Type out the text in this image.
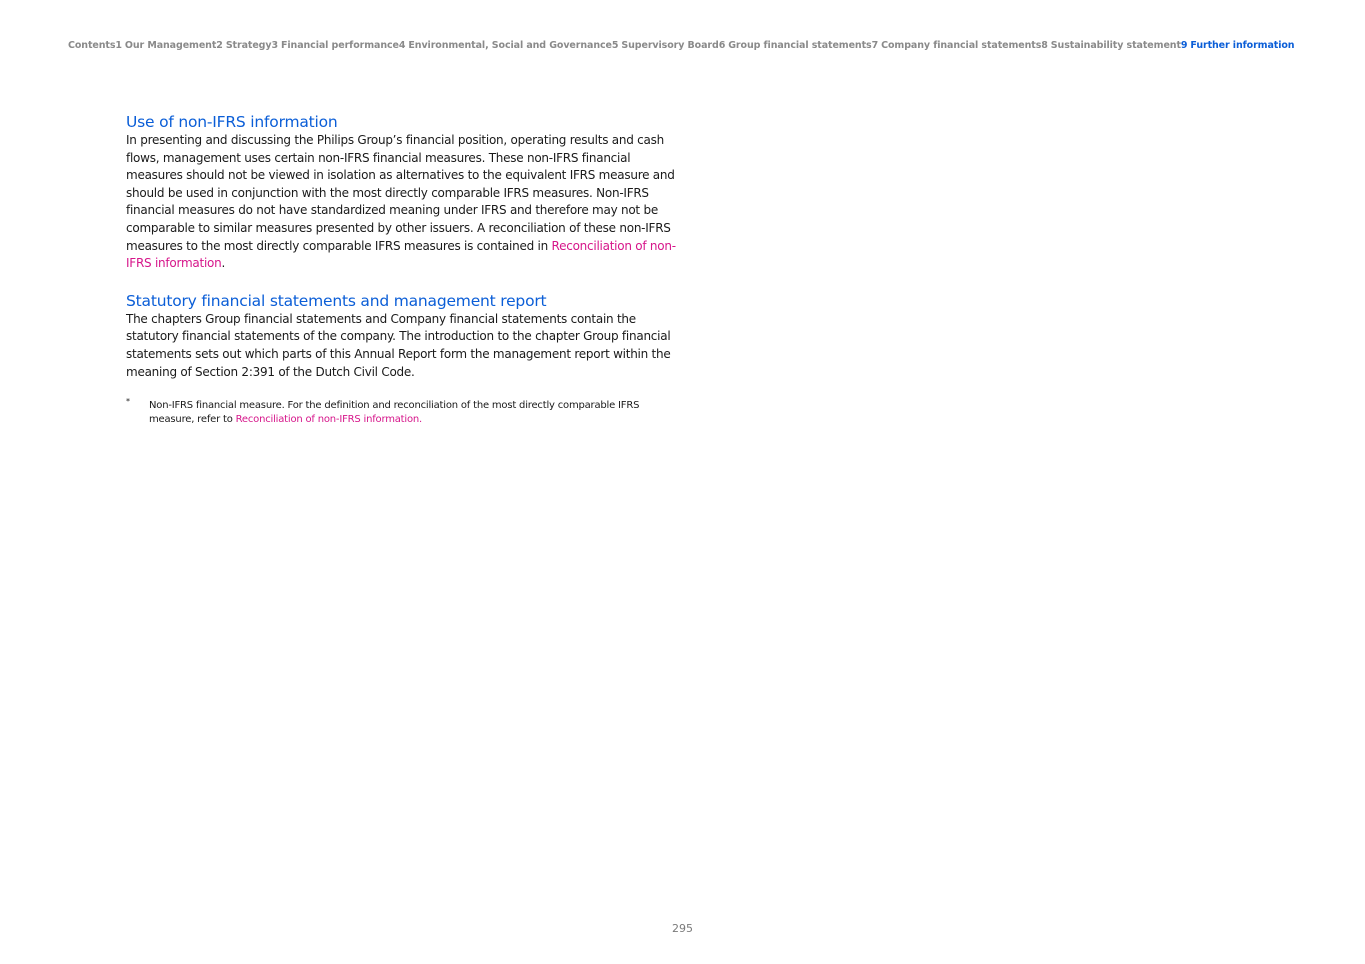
Contents 1 Our Management 2 Strategy 3 Financial performance 4 Environmental, Social and Governance 5 Supervisory Board 6 Group financial statements 7 Company financial statements 8 Sustainability statement 9 Further information
Use of non-IFRS information

In presenting and discussing the Philips Group’s financial position, operating results and cash flows, management uses certain non-IFRS financial measures. These non-IFRS financial measures should not be viewed in isolation as alternatives to the equivalent IFRS measure and should be used in conjunction with the most directly comparable IFRS measures. Non-IFRS financial measures do not have standardized meaning under IFRS and therefore may not be comparable to similar measures presented by other issuers. A reconciliation of these non-IFRS measures to the most directly comparable IFRS measures is contained in Reconciliation of non-IFRS information.

Statutory financial statements and management report

The chapters Group financial statements and Company financial statements contain the statutory financial statements of the company. The introduction to the chapter Group financial statements sets out which parts of this Annual Report form the management report within the meaning of Section 2:391 of the Dutch Civil Code.

* Non-IFRS financial measure. For the definition and reconciliation of the most directly comparable IFRS measure, refer to Reconciliation of non-IFRS information.
295
